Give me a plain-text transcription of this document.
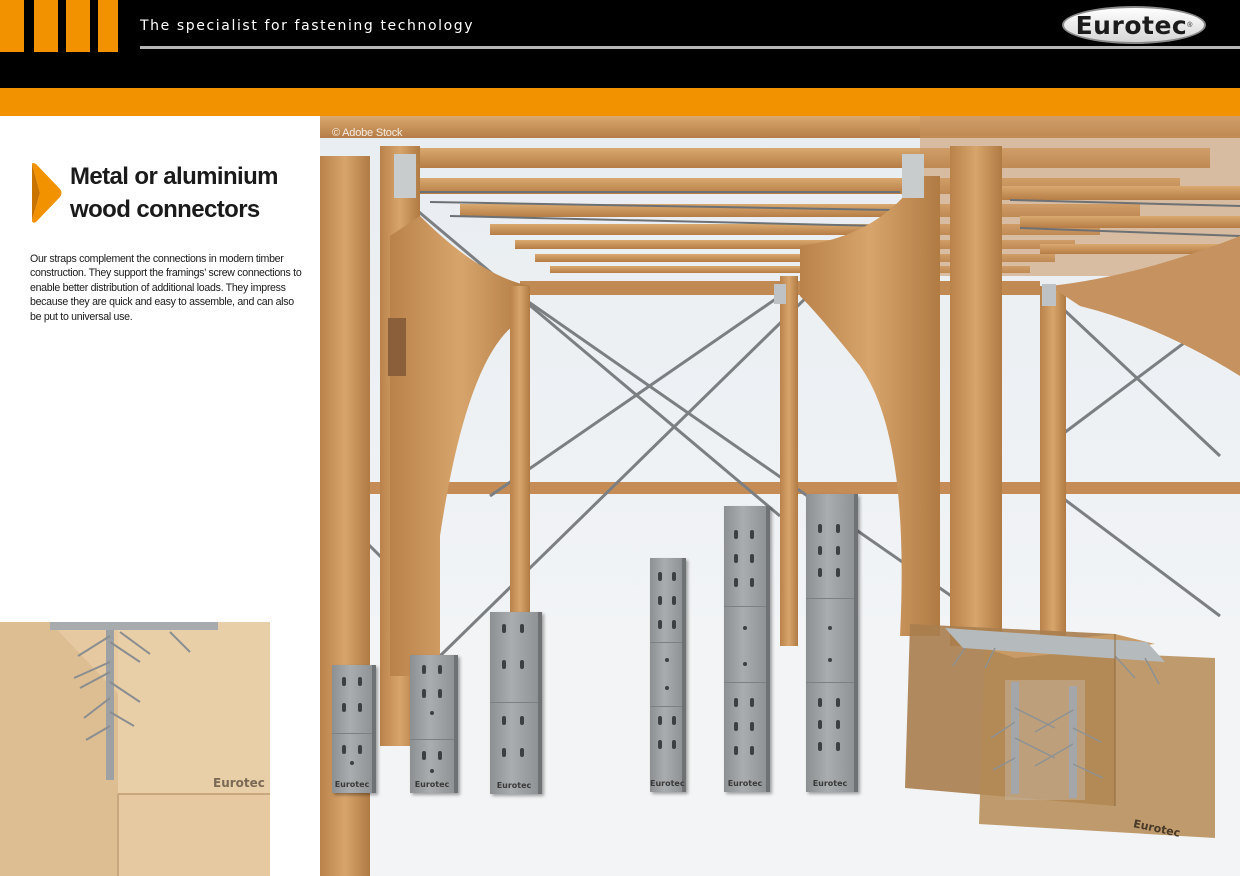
The specialist for fastening technology	Eurotec ®
Metal or aluminium
wood connectors

Our straps complement the connections in modern timber construction. They support the framings’ screw connections to enable better distribution of additional loads. They impress because they are quick and easy to assemble, and can also be put to universal use.

© Adobe Stock
Eurotec	Eurotec	Eurotec	Eurotec	Eurotec	Eurotec	Eurotec
Eurotec
